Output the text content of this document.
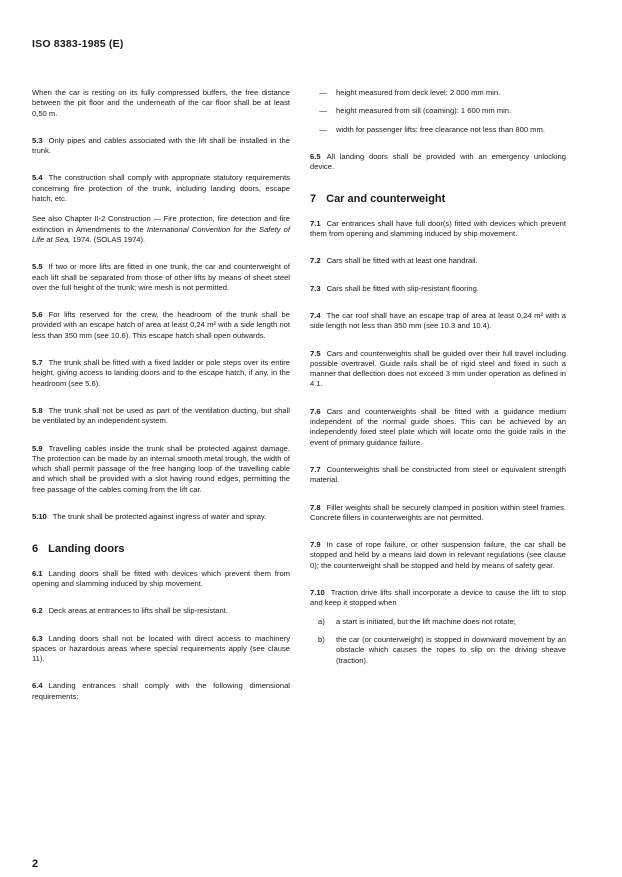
ISO 8383-1985 (E)

When the car is resting on its fully compressed buffers, the free distance between the pit floor and the underneath of the car floor shall be at least 0,50 m.

5.3 Only pipes and cables associated with the lift shall be installed in the trunk.

5.4 The construction shall comply with appropriate statutory requirements concerning fire protection of the trunk, including landing doors, escape hatch, etc.

See also Chapter II-2 Construction — Fire protection, fire detection and fire extinction in Amendments to the International Convention for the Safety of Life at Sea, 1974. (SOLAS 1974).

5.5 If two or more lifts are fitted in one trunk, the car and counterweight of each lift shall be separated from those of other lifts by means of sheet steel over the full height of the trunk; wire mesh is not permitted.

5.6 For lifts reserved for the crew, the headroom of the trunk shall be provided with an escape hatch of area at least 0,24 m² with a side length not less than 350 mm (see 10.6). This escape hatch shall open outwards.

5.7 The trunk shall be fitted with a fixed ladder or pole steps over its entire height, giving access to landing doors and to the escape hatch, if any, in the headroom (see 5.6).

5.8 The trunk shall not be used as part of the ventilation ducting, but shall be ventilated by an independent system.

5.9 Travelling cables inside the trunk shall be protected against damage. The protection can be made by an internal smooth metal trough, the width of which shall permit passage of the free hanging loop of the travelling cable and which shall be provided with a slot having round edges, permitting the free passage of the cables coming from the lift car.

5.10 The trunk shall be protected against ingress of water and spray.

6 Landing doors

6.1 Landing doors shall be fitted with devices which prevent them from opening and slamming induced by ship movement.

6.2 Deck areas at entrances to lifts shall be slip-resistant.

6.3 Landing doors shall not be located with direct access to machinery spaces or hazardous areas where special requirements apply (see clause 11).

6.4 Landing entrances shall comply with the following dimensional requirements:

—	height measured from deck level: 2 000 mm min.

—	height measured from sill (coaming): 1 600 mm min.

—	width for passenger lifts: free clearance not less than 800 mm.

6.5 All landing doors shall be provided with an emergency unlocking device.

7 Car and counterweight

7.1 Car entrances shall have full door(s) fitted with devices which prevent them from opening and slamming induced by ship movement.

7.2 Cars shall be fitted with at least one handrail.

7.3 Cars shall be fitted with slip-resistant flooring.

7.4 The car roof shall have an escape trap of area at least 0,24 m² with a side length not less than 350 mm (see 10.3 and 10.4).

7.5 Cars and counterweights shall be guided over their full travel including possible overtravel. Guide rails shall be of rigid steel and fixed in such a manner that deflection does not exceed 3 mm under operation as defined in 4.1.

7.6 Cars and counterweights shall be fitted with a guidance medium independent of the normal guide shoes. This can be achieved by an independently fixed steel plate which will locate onto the guide rails in the event of primary guidance failure.

7.7 Counterweights shall be constructed from steel or equivalent strength material.

7.8 Filler weights shall be securely clamped in position within steel frames. Concrete fillers in counterweights are not permitted.

7.9 In case of rope failure, or other suspension failure, the car shall be stopped and held by a means laid down in relevant regulations (see clause 0); the counterweight shall be stopped and held by means of safety gear.

7.10 Traction drive lifts shall incorporate a device to cause the lift to stop and keep it stopped when

a)	a start is initiated, but the lift machine does not rotate;

b)	the car (or counterweight) is stopped in downward movement by an obstacle which causes the ropes to slip on the driving sheave (traction).

2
